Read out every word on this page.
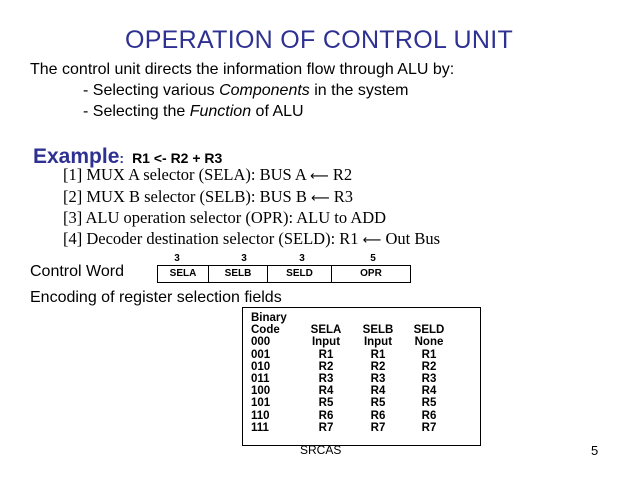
OPERATION OF CONTROL UNIT
The control unit directs the information flow through ALU by:
- Selecting various Components in the system
- Selecting the Function of ALU
Example: R1 <- R2 + R3
[1] MUX A selector (SELA): BUS A ⟵ R2
[2] MUX B selector (SELB): BUS B ⟵ R3
[3] ALU operation selector (OPR): ALU to ADD
[4] Decoder destination selector (SELD): R1 ⟵ Out Bus
3	3	3	5
Control Word	SELA	SELB	SELD	OPR
Encoding of register selection fields
Binary
Code	SELA	SELB	SELD
000	Input	Input	None
001	R1	R1	R1
010	R2	R2	R2
011	R3	R3	R3
100	R4	R4	R4
101	R5	R5	R5
110	R6	R6	R6
111	R7	R7	R7
SRCAS	5
